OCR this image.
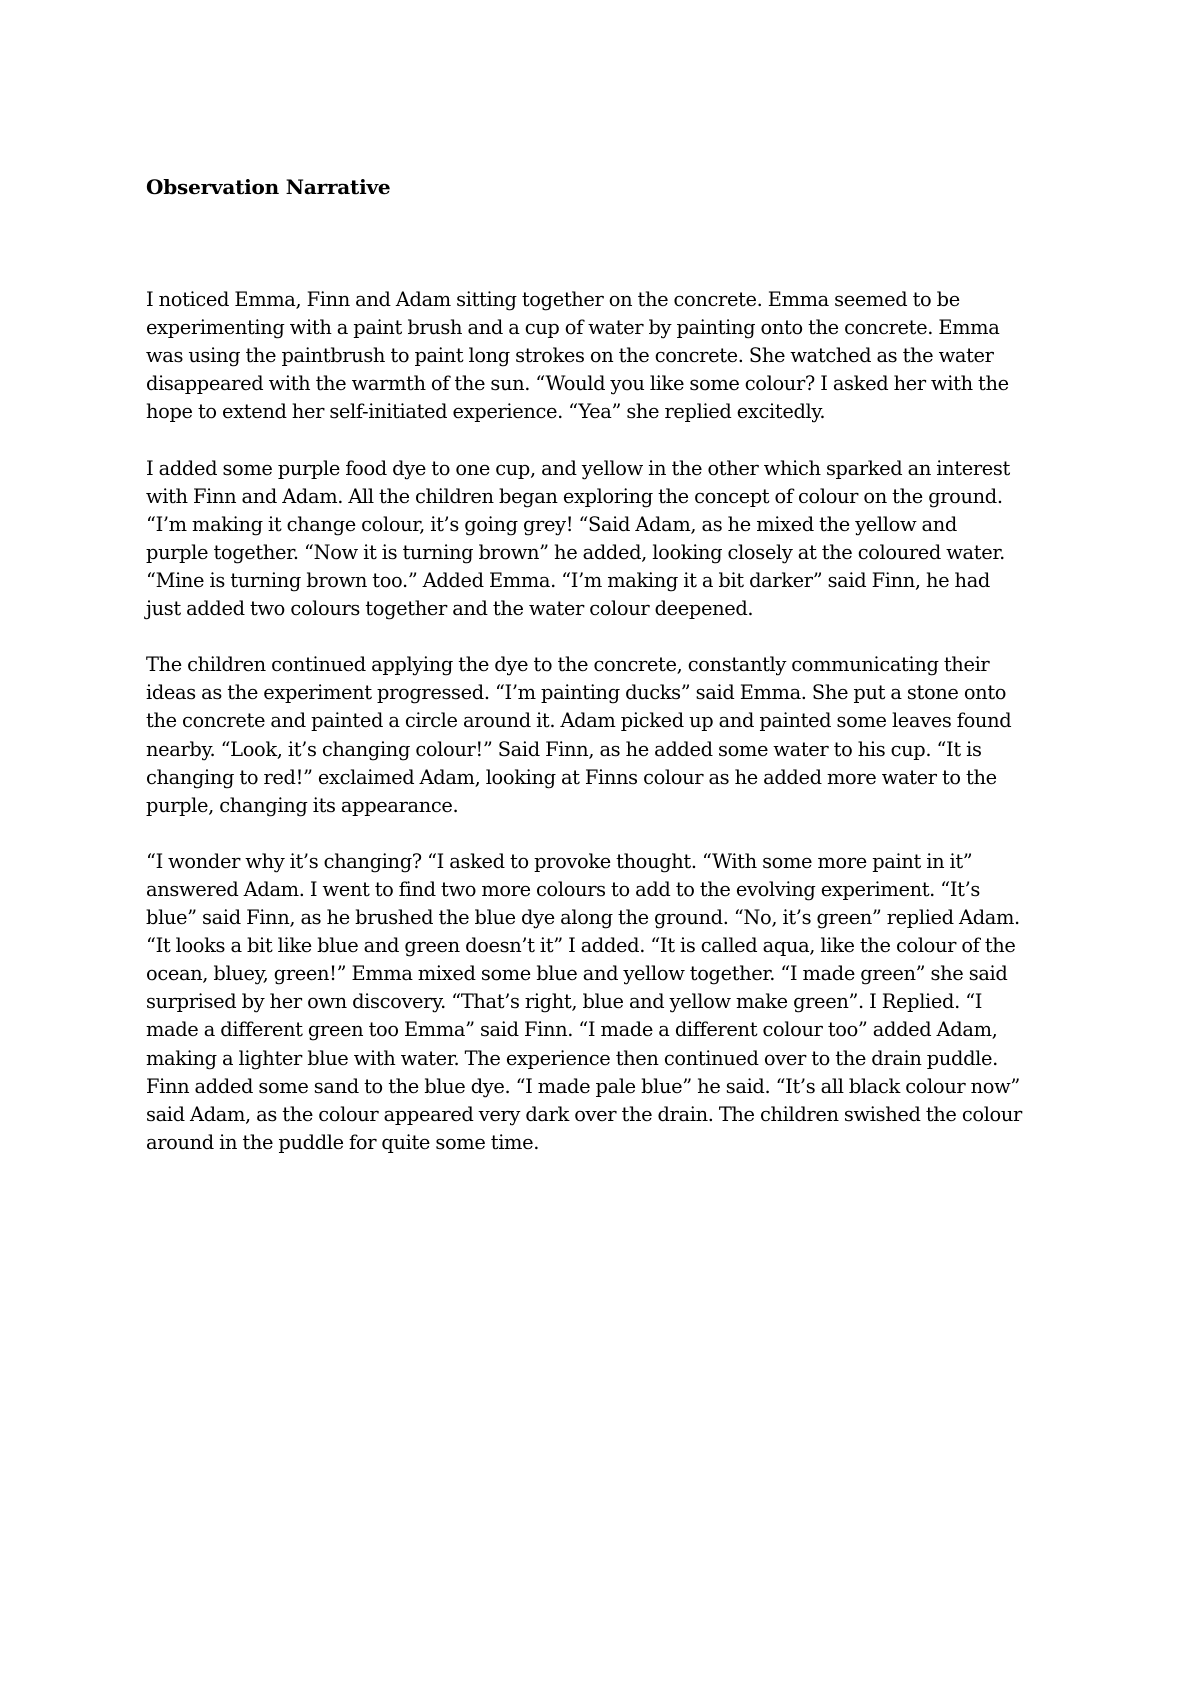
Observation Narrative
I noticed Emma, Finn and Adam sitting together on the concrete. Emma seemed to be
experimenting with a paint brush and a cup of water by painting onto the concrete. Emma
was using the paintbrush to paint long strokes on the concrete. She watched as the water
disappeared with the warmth of the sun. “Would you like some colour? I asked her with the
hope to extend her self-initiated experience. “Yea” she replied excitedly.
I added some purple food dye to one cup, and yellow in the other which sparked an interest
with Finn and Adam. All the children began exploring the concept of colour on the ground.
“I’m making it change colour, it’s going grey! “Said Adam, as he mixed the yellow and
purple together. “Now it is turning brown” he added, looking closely at the coloured water.
“Mine is turning brown too.” Added Emma. “I’m making it a bit darker” said Finn, he had
just added two colours together and the water colour deepened.
The children continued applying the dye to the concrete, constantly communicating their
ideas as the experiment progressed. “I’m painting ducks” said Emma. She put a stone onto
the concrete and painted a circle around it. Adam picked up and painted some leaves found
nearby. “Look, it’s changing colour!” Said Finn, as he added some water to his cup. “It is
changing to red!” exclaimed Adam, looking at Finns colour as he added more water to the
purple, changing its appearance.
“I wonder why it’s changing? “I asked to provoke thought. “With some more paint in it”
answered Adam. I went to find two more colours to add to the evolving experiment. “It’s
blue” said Finn, as he brushed the blue dye along the ground. “No, it’s green” replied Adam.
“It looks a bit like blue and green doesn’t it” I added. “It is called aqua, like the colour of the
ocean, bluey, green!” Emma mixed some blue and yellow together. “I made green” she said
surprised by her own discovery. “That’s right, blue and yellow make green”. I Replied. “I
made a different green too Emma” said Finn. “I made a different colour too” added Adam,
making a lighter blue with water. The experience then continued over to the drain puddle.
Finn added some sand to the blue dye. “I made pale blue” he said. “It’s all black colour now”
said Adam, as the colour appeared very dark over the drain. The children swished the colour
around in the puddle for quite some time.
